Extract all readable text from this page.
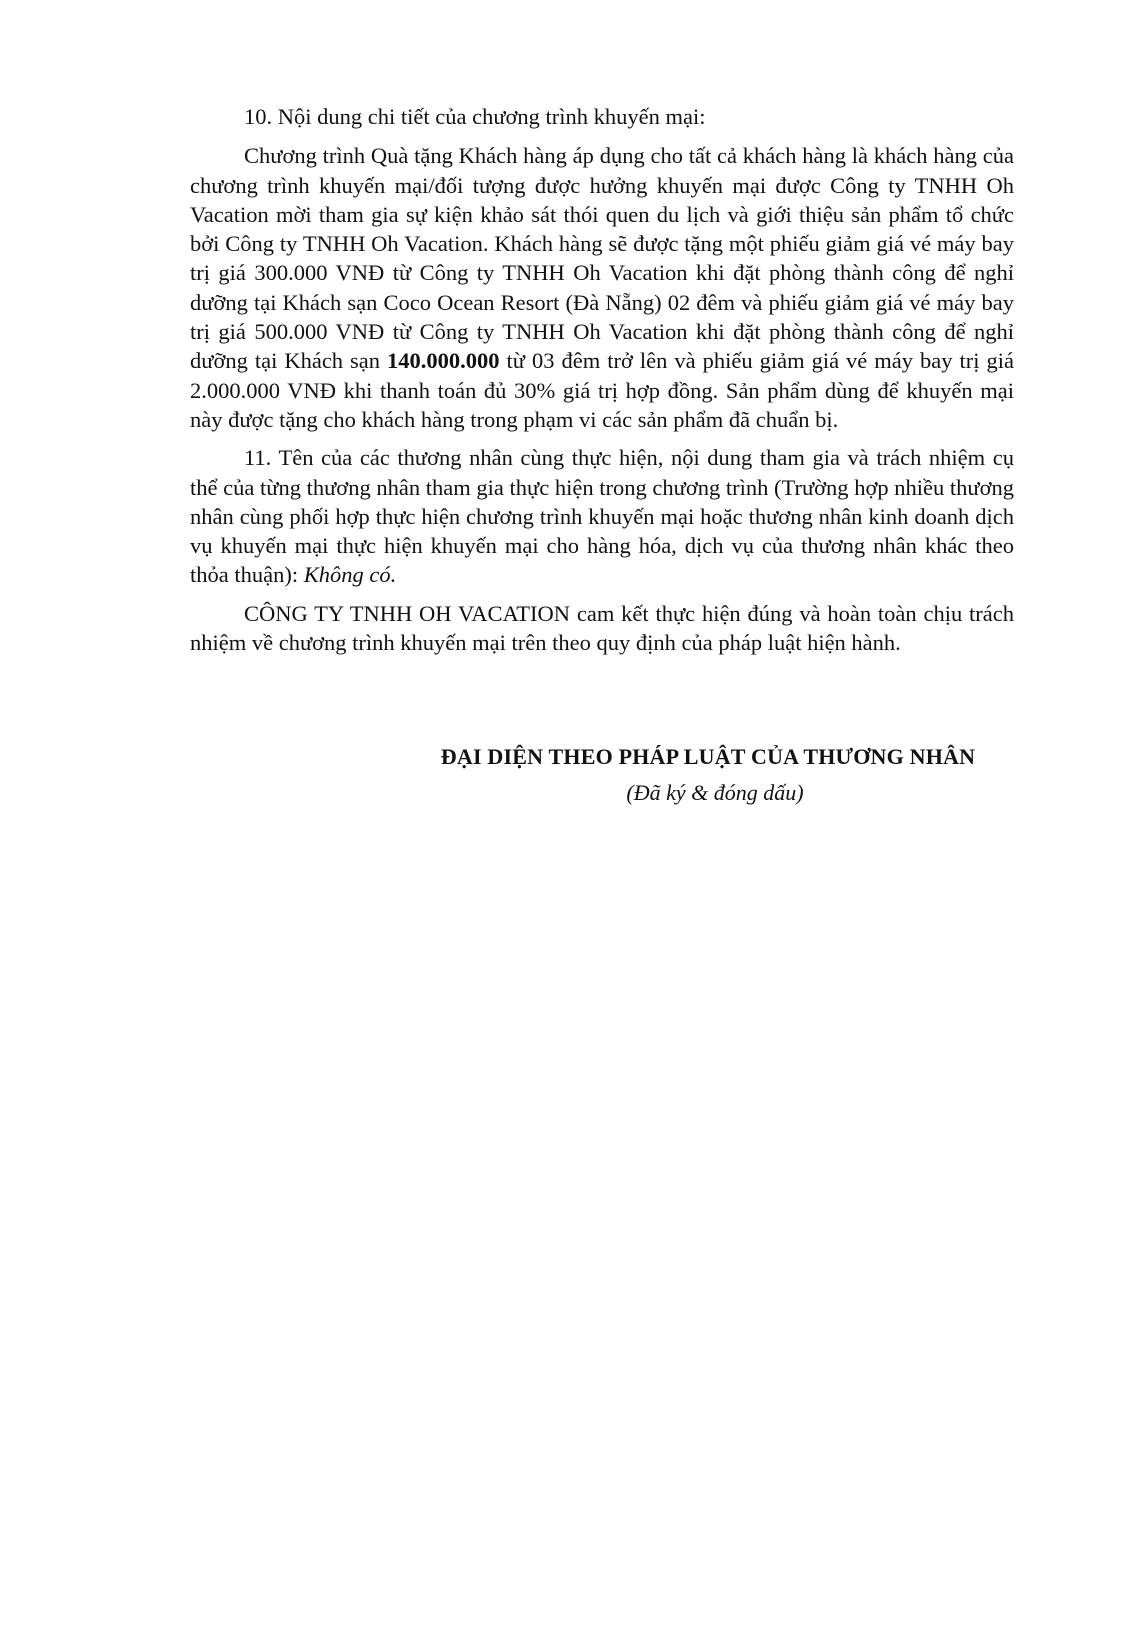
10. Nội dung chi tiết của chương trình khuyến mại:

Chương trình Quà tặng Khách hàng áp dụng cho tất cả khách hàng là khách hàng của chương trình khuyến mại/đối tượng được hưởng khuyến mại được Công ty TNHH Oh Vacation mời tham gia sự kiện khảo sát thói quen du lịch và giới thiệu sản phẩm tổ chức bởi Công ty TNHH Oh Vacation. Khách hàng sẽ được tặng một phiếu giảm giá vé máy bay trị giá 300.000 VNĐ từ Công ty TNHH Oh Vacation khi đặt phòng thành công để nghỉ dưỡng tại Khách sạn Coco Ocean Resort (Đà Nẵng) 02 đêm và phiếu giảm giá vé máy bay trị giá 500.000 VNĐ từ Công ty TNHH Oh Vacation khi đặt phòng thành công để nghỉ dưỡng tại Khách sạn 140.000.000 từ 03 đêm trở lên và phiếu giảm giá vé máy bay trị giá 2.000.000 VNĐ khi thanh toán đủ 30% giá trị hợp đồng. Sản phẩm dùng để khuyến mại này được tặng cho khách hàng trong phạm vi các sản phẩm đã chuẩn bị.

11. Tên của các thương nhân cùng thực hiện, nội dung tham gia và trách nhiệm cụ thể của từng thương nhân tham gia thực hiện trong chương trình (Trường hợp nhiều thương nhân cùng phối hợp thực hiện chương trình khuyến mại hoặc thương nhân kinh doanh dịch vụ khuyến mại thực hiện khuyến mại cho hàng hóa, dịch vụ của thương nhân khác theo thỏa thuận): Không có.

CÔNG TY TNHH OH VACATION cam kết thực hiện đúng và hoàn toàn chịu trách nhiệm về chương trình khuyến mại trên theo quy định của pháp luật hiện hành.

ĐẠI DIỆN THEO PHÁP LUẬT CỦA THƯƠNG NHÂN
(Đã ký & đóng dấu)
